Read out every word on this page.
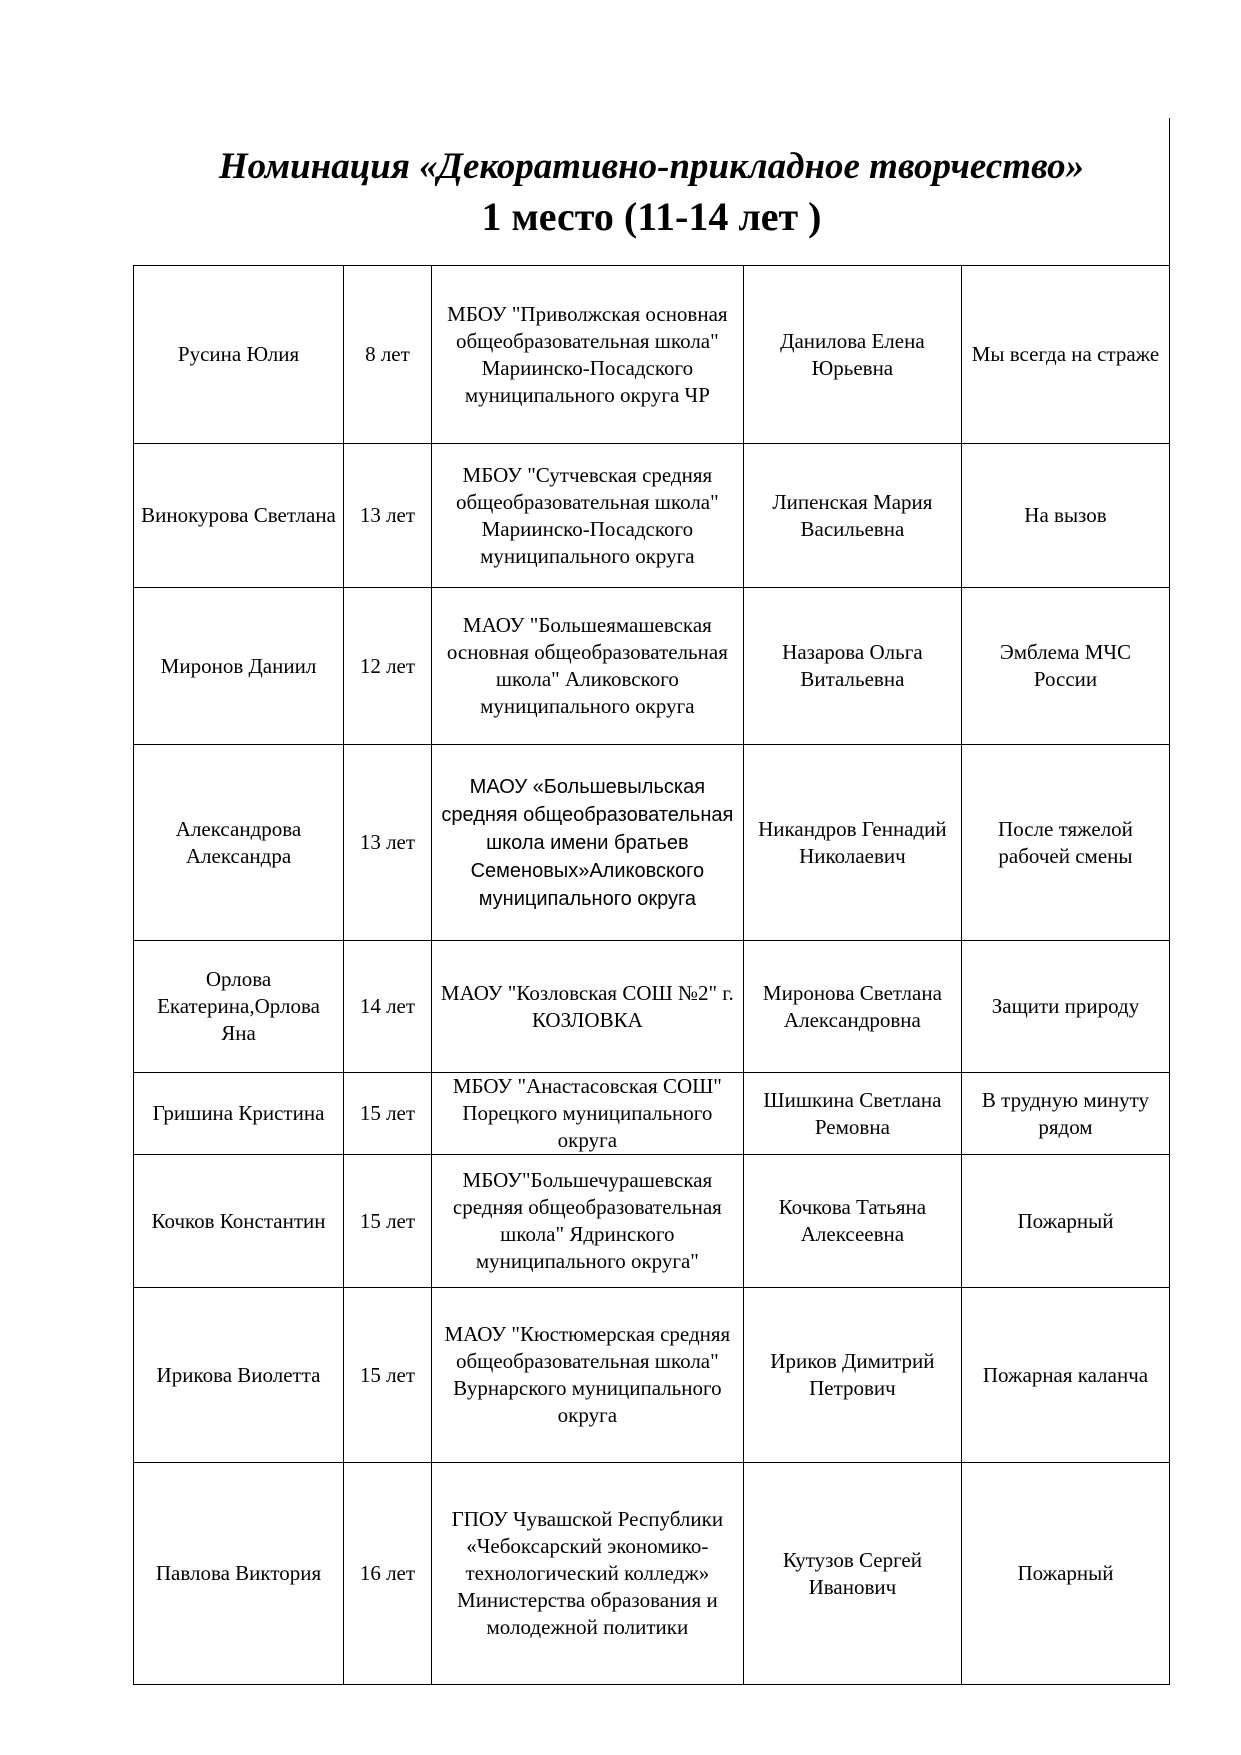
Номинация «Декоративно-прикладное творчество»
1 место (11-14 лет )
Русина Юлия	8 лет	МБОУ "Приволжская основная общеобразовательная школа" Мариинско-Посадского муниципального округа ЧР	Данилова Елена Юрьевна	Мы всегда на страже
Винокурова Светлана	13 лет	МБОУ "Сутчевская средняя общеобразовательная школа" Мариинско-Посадского муниципального округа	Липенская Мария Васильевна	На вызов
Миронов Даниил	12 лет	МАОУ "Большеямашевская основная общеобразовательная школа" Аликовского муниципального округа	Назарова Ольга Витальевна	Эмблема МЧС России
Александрова Александра	13 лет	МАОУ «Большевыльская средняя общеобразовательная школа имени братьев Семеновых»Аликовского муниципального округа	Никандров Геннадий Николаевич	После тяжелой рабочей смены
Орлова Екатерина,Орлова Яна	14 лет	МАОУ "Козловская СОШ №2" г. КОЗЛОВКА	Миронова Светлана Александровна	Защити природу
Гришина Кристина	15 лет	МБОУ "Анастасовская СОШ" Порецкого муниципального округа	Шишкина Светлана Ремовна	В трудную минуту рядом
Кочков Константин	15 лет	МБОУ"Большечурашевская средняя общеобразовательная школа" Ядринского муниципального округа"	Кочкова Татьяна Алексеевна	Пожарный
Ирикова Виолетта	15 лет	МАОУ "Кюстюмерская средняя общеобразовательная школа" Вурнарского муниципального округа	Ириков Димитрий Петрович	Пожарная каланча
Павлова Виктория	16 лет	ГПОУ Чувашской Республики «Чебоксарский экономико-технологический колледж» Министерства образования и молодежной политики	Кутузов Сергей Иванович	Пожарный
